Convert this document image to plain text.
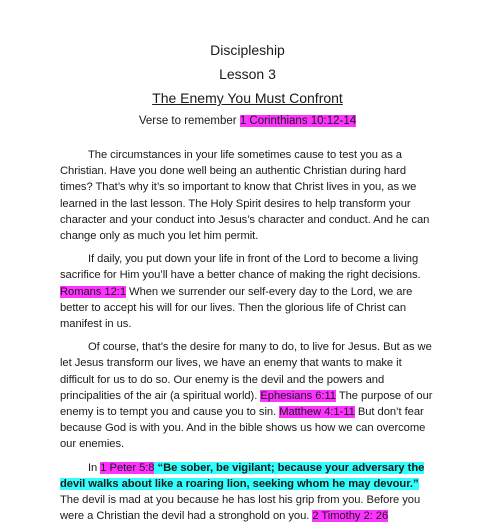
Discipleship
Lesson 3
The Enemy You Must Confront
Verse to remember 1 Corinthians 10:12-14

The circumstances in your life sometimes cause to test you as a Christian. Have you done well being an authentic Christian during hard times? That’s why it’s so important to know that Christ lives in you, as we learned in the last lesson. The Holy Spirit desires to help transform your character and your conduct into Jesus’s character and conduct. And he can change only as much you let him permit.

If daily, you put down your life in front of the Lord to become a living sacrifice for Him you’ll have a better chance of making the right decisions. Romans 12:1 When we surrender our self-every day to the Lord, we are better to accept his will for our lives. Then the glorious life of Christ can manifest in us.

Of course, that’s the desire for many to do, to live for Jesus. But as we let Jesus transform our lives, we have an enemy that wants to make it difficult for us to do so. Our enemy is the devil and the powers and principalities of the air (a spiritual world). Ephesians 6:11 The purpose of our enemy is to tempt you and cause you to sin. Matthew 4:1-11 But don’t fear because God is with you. And in the bible shows us how we can overcome our enemies.

In 1 Peter 5:8 “Be sober, be vigilant; because your adversary the devil walks about like a roaring lion, seeking whom he may devour.” The devil is mad at you because he has lost his grip from you. Before you were a Christian the devil had a stronghold on you. 2 Timothy 2: 26
